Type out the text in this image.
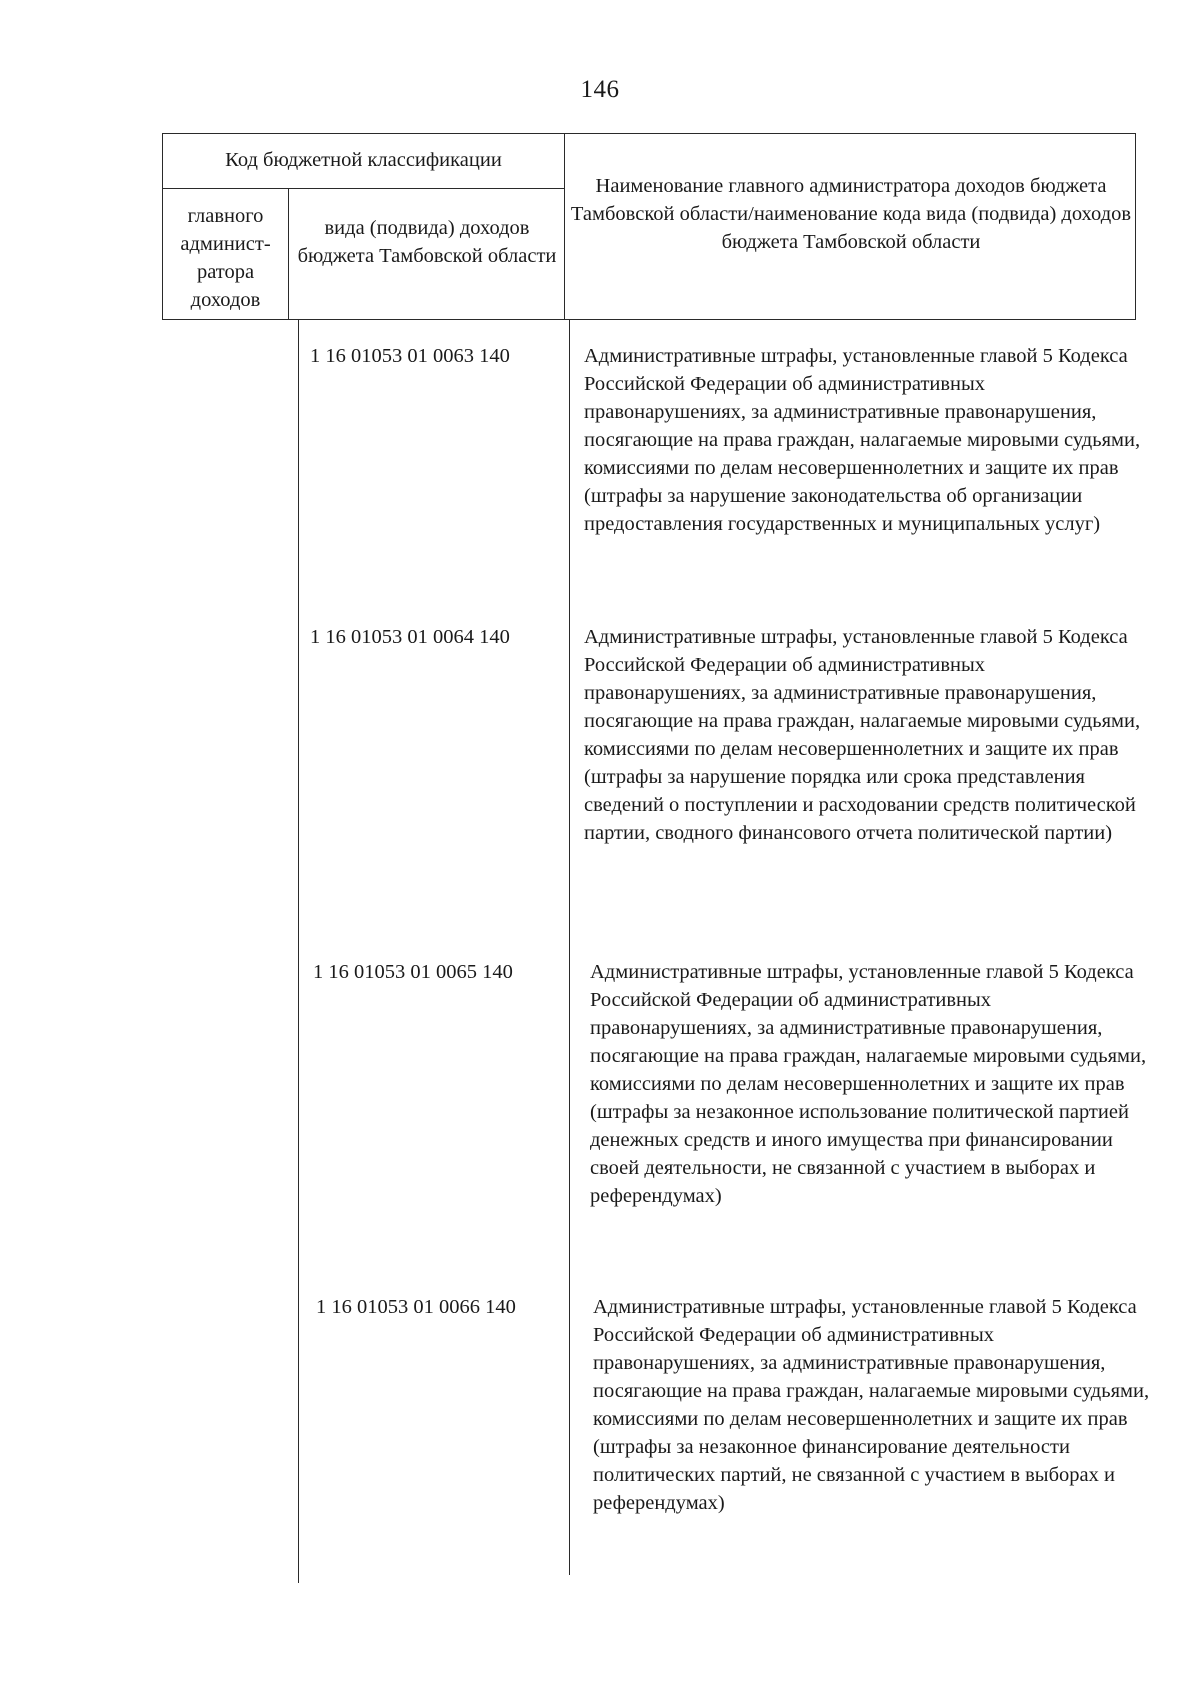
146
Код бюджетной классификации
главного админист-ратора доходов
вида (подвида) доходов бюджета Тамбовской области
Наименование главного администратора доходов бюджета Тамбовской области/наименование кода вида (подвида) доходов бюджета Тамбовской области
1 16 01053 01 0063 140	Административные штрафы, установленные главой 5 Кодекса Российской Федерации об административных правонарушениях, за административные правонарушения, посягающие на права граждан, налагаемые мировыми судьями, комиссиями по делам несовершеннолетних и защите их прав (штрафы за нарушение законодательства об организации предоставления государственных и муниципальных услуг)
1 16 01053 01 0064 140	Административные штрафы, установленные главой 5 Кодекса Российской Федерации об административных правонарушениях, за административные правонарушения, посягающие на права граждан, налагаемые мировыми судьями, комиссиями по делам несовершеннолетних и защите их прав (штрафы за нарушение порядка или срока представления сведений о поступлении и расходовании средств политической партии, сводного финансового отчета политической партии)
1 16 01053 01 0065 140	Административные штрафы, установленные главой 5 Кодекса Российской Федерации об административных правонарушениях, за административные правонарушения, посягающие на права граждан, налагаемые мировыми судьями, комиссиями по делам несовершеннолетних и защите их прав (штрафы за незаконное использование политической партией денежных средств и иного имущества при финансировании своей деятельности, не связанной с участием в выборах и референдумах)
1 16 01053 01 0066 140	Административные штрафы, установленные главой 5 Кодекса Российской Федерации об административных правонарушениях, за административные правонарушения, посягающие на права граждан, налагаемые мировыми судьями, комиссиями по делам несовершеннолетних и защите их прав (штрафы за незаконное финансирование деятельности политических партий, не связанной с участием в выборах и референдумах)
